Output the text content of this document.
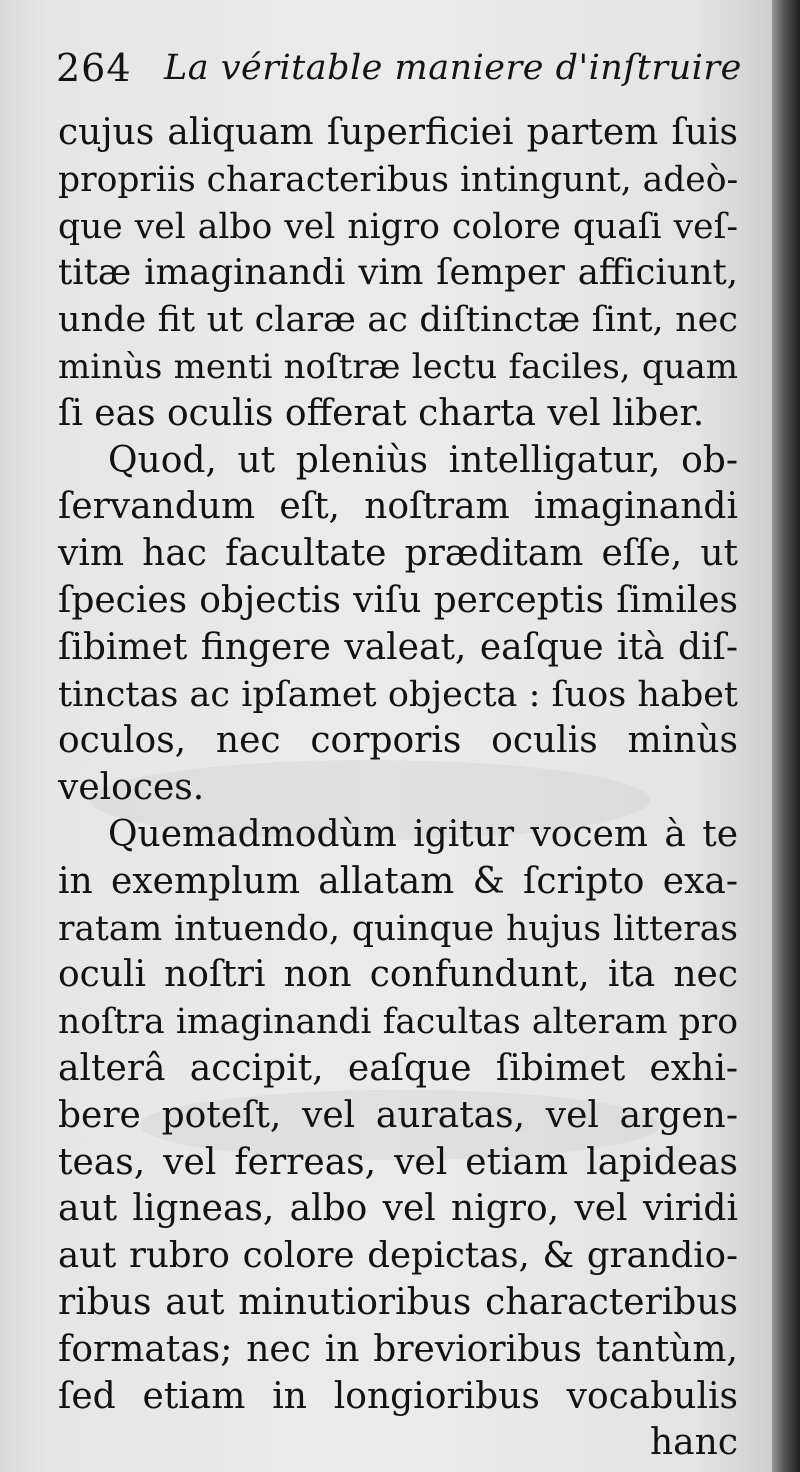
264 La véritable maniere d'inſtruire
cujus aliquam ſuperficiei partem ſuis
propriis characteribus intingunt, adeò-
que vel albo vel nigro colore quaſi veſ-
titæ imaginandi vim ſemper afficiunt,
unde fit ut claræ ac diſtinctæ ſint, nec
minùs menti noſtræ lectu faciles, quam
ſi eas oculis offerat charta vel liber.
Quod, ut pleniùs intelligatur, ob-
ſervandum eſt, noſtram imaginandi
vim hac facultate præditam eſſe, ut
ſpecies objectis viſu perceptis ſimiles
ſibimet fingere valeat, eaſque ità diſ-
tinctas ac ipſamet objecta : ſuos habet
oculos, nec corporis oculis minùs
veloces.
Quemadmodùm igitur vocem à te
in exemplum allatam & ſcripto exa-
ratam intuendo, quinque hujus litteras
oculi noſtri non confundunt, ita nec
noſtra imaginandi facultas alteram pro
alterâ accipit, eaſque ſibimet exhi-
bere poteſt, vel auratas, vel argen-
teas, vel ferreas, vel etiam lapideas
aut ligneas, albo vel nigro, vel viridi
aut rubro colore depictas, & grandio-
ribus aut minutioribus characteribus
formatas; nec in brevioribus tantùm,
ſed etiam in longioribus vocabulis
hanc
